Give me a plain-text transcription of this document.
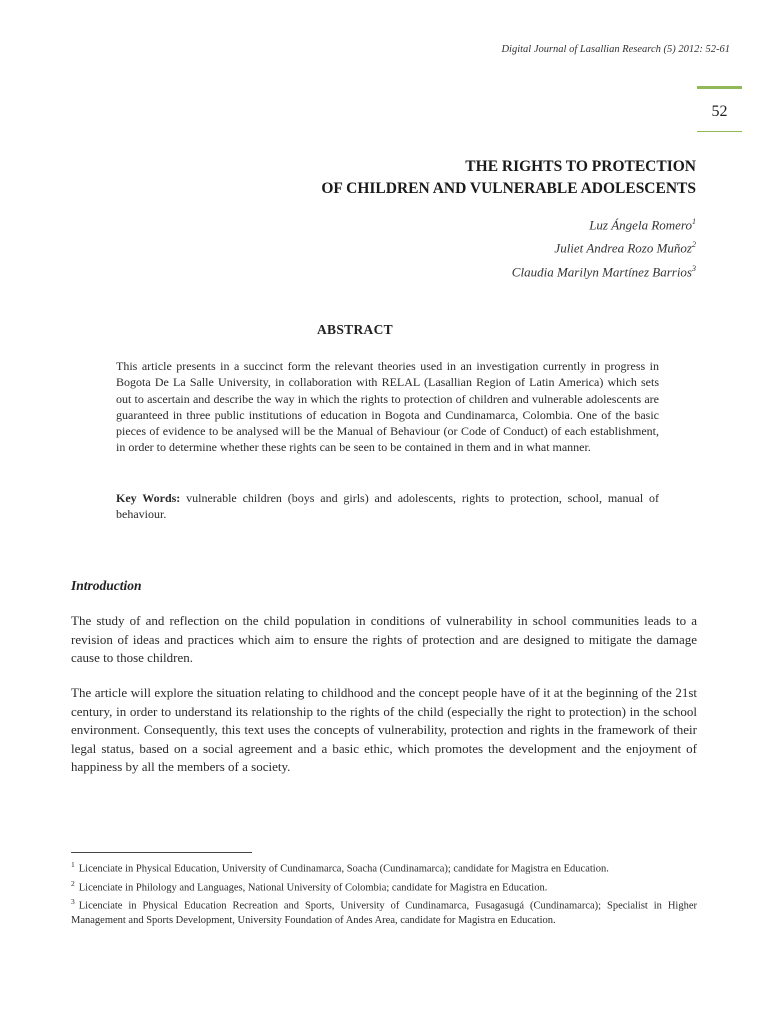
Digital Journal of Lasallian Research (5) 2012: 52-61
52
THE RIGHTS TO PROTECTION
OF CHILDREN AND VULNERABLE ADOLESCENTS
Luz Ángela Romero$^1$
Juliet Andrea Rozo Muñoz$^2$
Claudia Marilyn Martínez Barrios$^3$
ABSTRACT
This article presents in a succinct form the relevant theories used in an investigation currently in progress in Bogota De La Salle University, in collaboration with RELAL (Lasallian Region of Latin America) which sets out to ascertain and describe the way in which the rights to protection of children and vulnerable adolescents are guaranteed in three public institutions of education in Bogota and Cundinamarca, Colombia. One of the basic pieces of evidence to be analysed will be the Manual of Behaviour (or Code of Conduct) of each establishment, in order to determine whether these rights can be seen to be contained in them and in what manner.
Key Words: vulnerable children (boys and girls) and adolescents, rights to protection, school, manual of behaviour.
Introduction
The study of and reflection on the child population in conditions of vulnerability in school communities leads to a revision of ideas and practices which aim to ensure the rights of protection and are designed to mitigate the damage cause to those children.
The article will explore the situation relating to childhood and the concept people have of it at the beginning of the 21st century, in order to understand its relationship to the rights of the child (especially the right to protection) in the school environment. Consequently, this text uses the concepts of vulnerability, protection and rights in the framework of their legal status, based on a social agreement and a basic ethic, which promotes the development and the enjoyment of happiness by all the members of a society.
$^1$ Licenciate in Physical Education, University of Cundinamarca, Soacha (Cundinamarca); candidate for Magistra en Education.
$^2$ Licenciate in Philology and Languages, National University of Colombia; candidate for Magistra en Education.
$^3$ Licenciate in Physical Education Recreation and Sports, University of Cundinamarca, Fusagasugá (Cundinamarca); Specialist in Higher Management and Sports Development, University Foundation of Andes Area, candidate for Magistra en Education.
